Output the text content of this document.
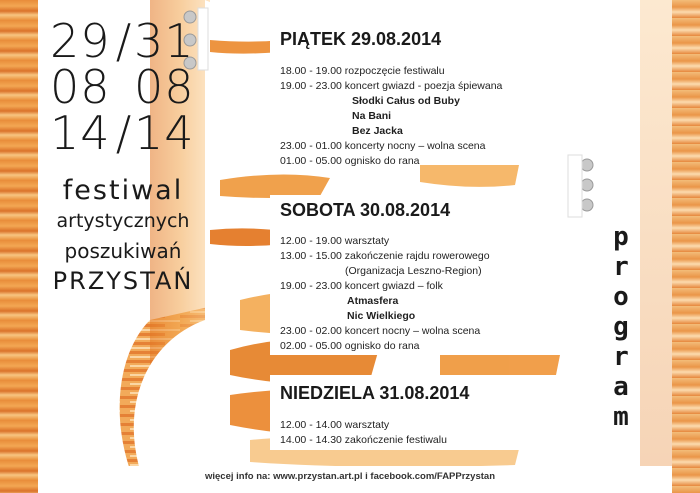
29 /31
08 08
14 /14
festiwal
artystycznych
poszukiwań
PRZYSTAŃ
p
r
o
g
r
a
m
PIĄTEK 29.08.2014
18.00 - 19.00 rozpoczęcie festiwalu
19.00 - 23.00 koncert gwiazd - poezja śpiewana
Słodki Całus od Buby
Na Bani
Bez Jacka
23.00 - 01.00 koncerty nocny – wolna scena
01.00 - 05.00 ognisko do rana
SOBOTA 30.08.2014
12.00 - 19.00 warsztaty
13.00 - 15.00 zakończenie rajdu rowerowego
(Organizacja Leszno-Region)
19.00 - 23.00 koncert gwiazd – folk
Atmasfera
Nic Wielkiego
23.00 - 02.00 koncert nocny – wolna scena
02.00 - 05.00 ognisko do rana
NIEDZIELA 31.08.2014
12.00 - 14.00 warsztaty
14.00 - 14.30 zakończenie festiwalu
więcej info na: www.przystan.art.pl i facebook.com/FAPPrzystan
